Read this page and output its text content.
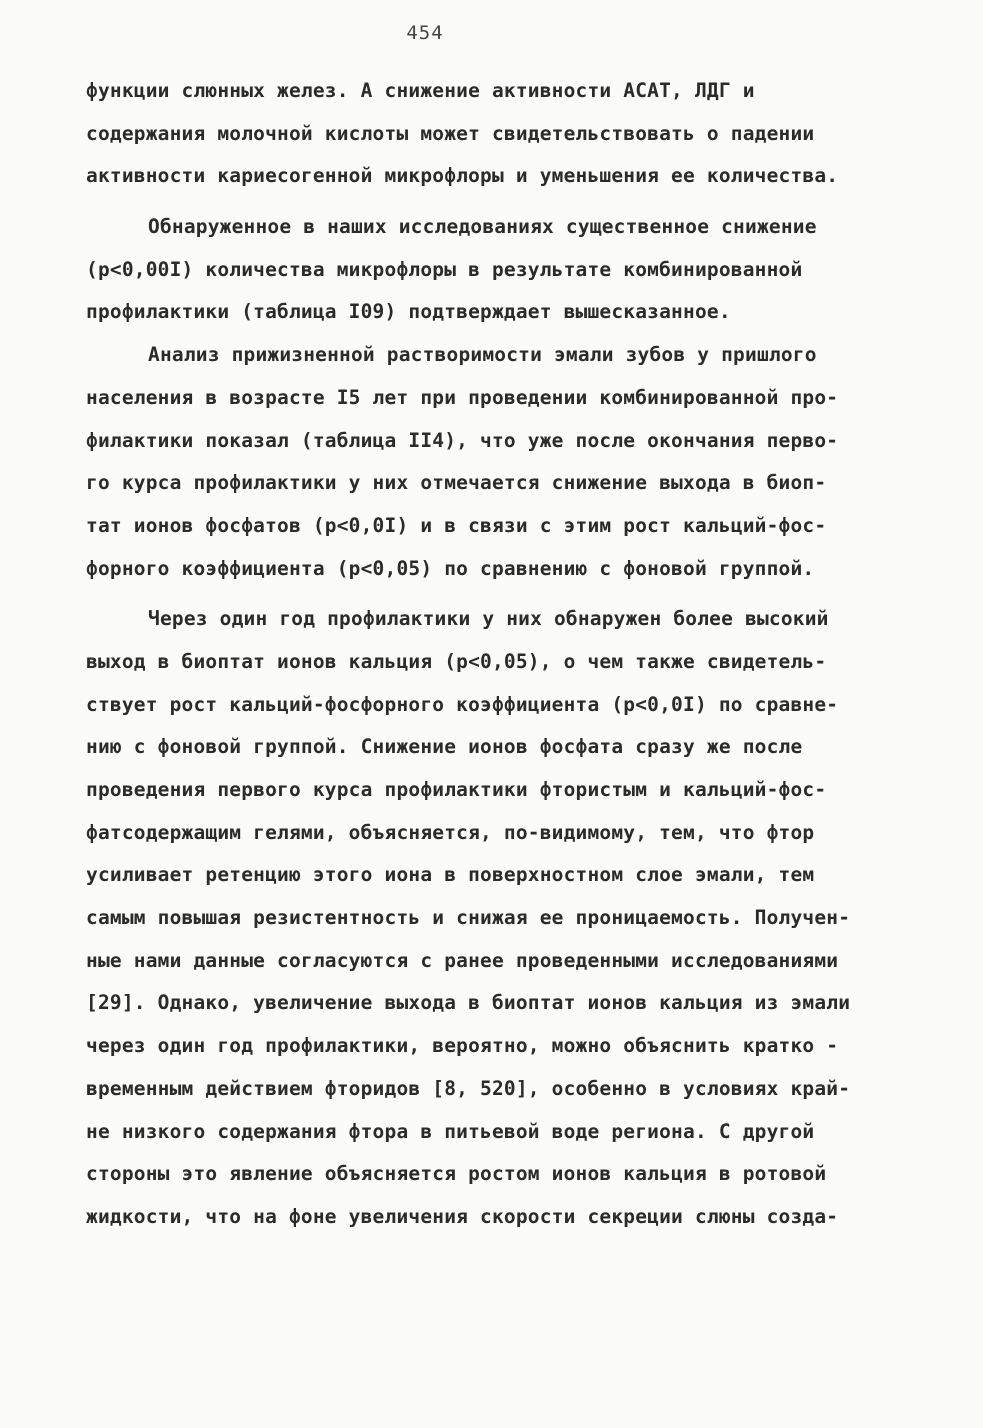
454
функции слюнных желез. А снижение активности АСАТ, ЛДГ и
содержания молочной кислоты может свидетельствовать о падении
активности кариесогенной микрофлоры и уменьшения ее количества.
Обнаруженное в наших исследованиях существенное снижение
(p<0,00I) количества микрофлоры в результате комбинированной
профилактики (таблица I09) подтверждает вышесказанное.
Анализ прижизненной растворимости эмали зубов у пришлого
населения в возрасте I5 лет при проведении комбинированной про-
филактики показал (таблица II4), что уже после окончания перво-
го курса профилактики у них отмечается снижение выхода в биоп-
тат ионов фосфатов (p<0,0I) и в связи с этим рост кальций-фос-
форного коэффициента (p<0,05) по сравнению с фоновой группой.
Через один год профилактики у них обнаружен более высокий
выход в биоптат ионов кальция (p<0,05), о чем также свидетель-
ствует рост кальций-фосфорного коэффициента (p<0,0I) по сравне-
нию с фоновой группой. Снижение ионов фосфата сразу же после
проведения первого курса профилактики фтористым и кальций-фос-
фатсодержащим гелями, объясняется, по-видимому, тем, что фтор
усиливает ретенцию этого иона в поверхностном слое эмали, тем
самым повышая резистентность и снижая ее проницаемость. Получен-
ные нами данные согласуются с ранее проведенными исследованиями
[29]. Однако, увеличение выхода в биоптат ионов кальция из эмали
через один год профилактики, вероятно, можно объяснить кратко -
временным действием фторидов [8, 520], особенно в условиях край-
не низкого содержания фтора в питьевой воде региона. С другой
стороны это явление объясняется ростом ионов кальция в ротовой
жидкости, что на фоне увеличения скорости секреции слюны созда-
